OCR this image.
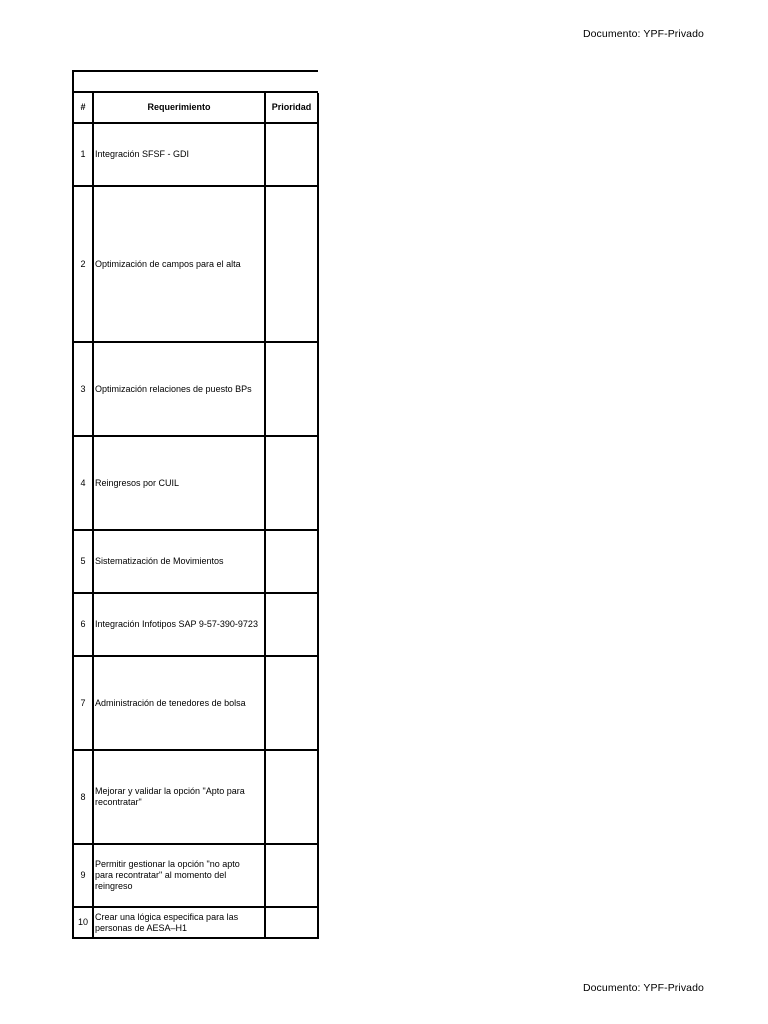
Documento: YPF-Privado
#	Requerimiento	Prioridad
1	Integración SFSF - GDI	
2	Optimización de campos para el alta	
3	Optimización relaciones de puesto BPs	
4	Reingresos por CUIL	
5	Sistematización de Movimientos	
6	Integración Infotipos SAP 9-57-390-9723	
7	Administración de tenedores de bolsa	
8	Mejorar y validar la opción "Apto para recontratar"	
9	Permitir gestionar la opción "no apto para recontratar" al momento del reingreso	
10	Crear una lógica especifica para las personas de AESA–H1	
Documento: YPF-Privado
